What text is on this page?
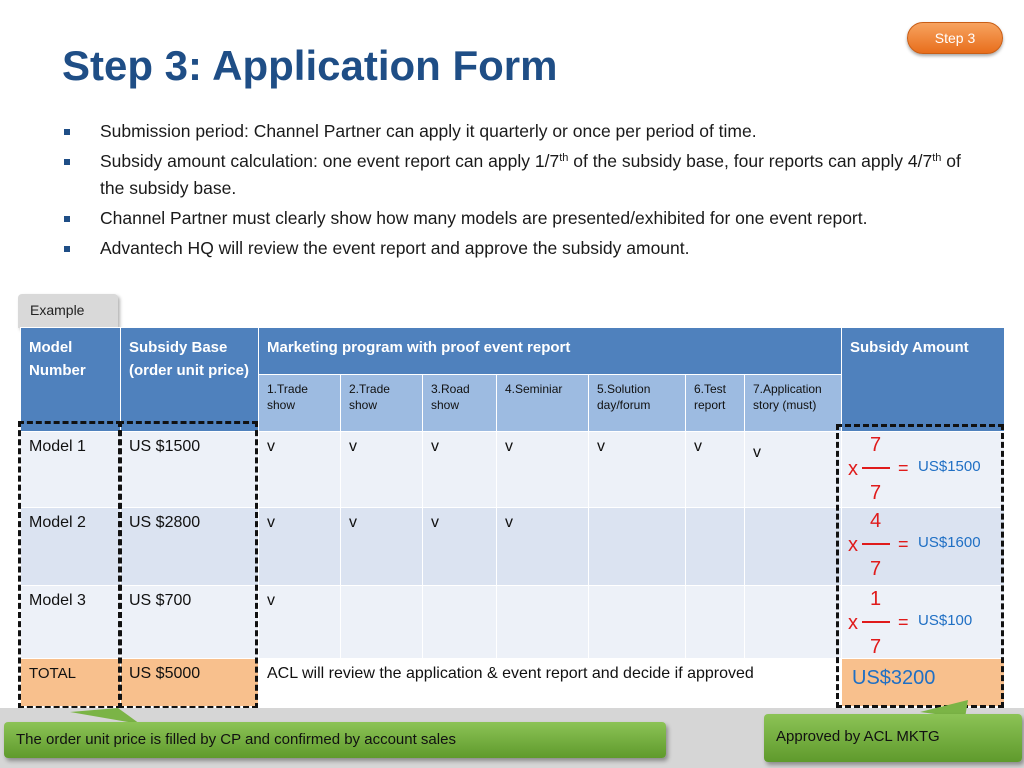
Step 3
Step 3: Application Form
Submission period: Channel Partner can apply it quarterly or once per period of time.
Subsidy amount calculation: one event report can apply 1/7th of the subsidy base, four reports can apply 4/7th of the subsidy base.
Channel Partner must clearly show how many models are presented/exhibited for one event report.
Advantech HQ will review the event report and approve the subsidy amount.
Example
Model Number	Subsidy Base (order unit price)	Marketing program with proof event report							Subsidy Amount
		1.Trade show	2.Trade show	3.Road show	4.Seminiar	5.Solution day/forum	6.Test report	7.Application story (must)	
Model 1	US $1500	v	v	v	v	v	v	v	7
7
x = US$1500

Model 2	US $2800	v	v	v	v				4
7
x = US$1600

Model 3	US $700	v							1
7
x = US$100

TOTAL	US $5000	ACL will review the application & event report and decide if approved							US$3200
The order unit price is filled by CP and confirmed by account sales	Approved by ACL MKTG
